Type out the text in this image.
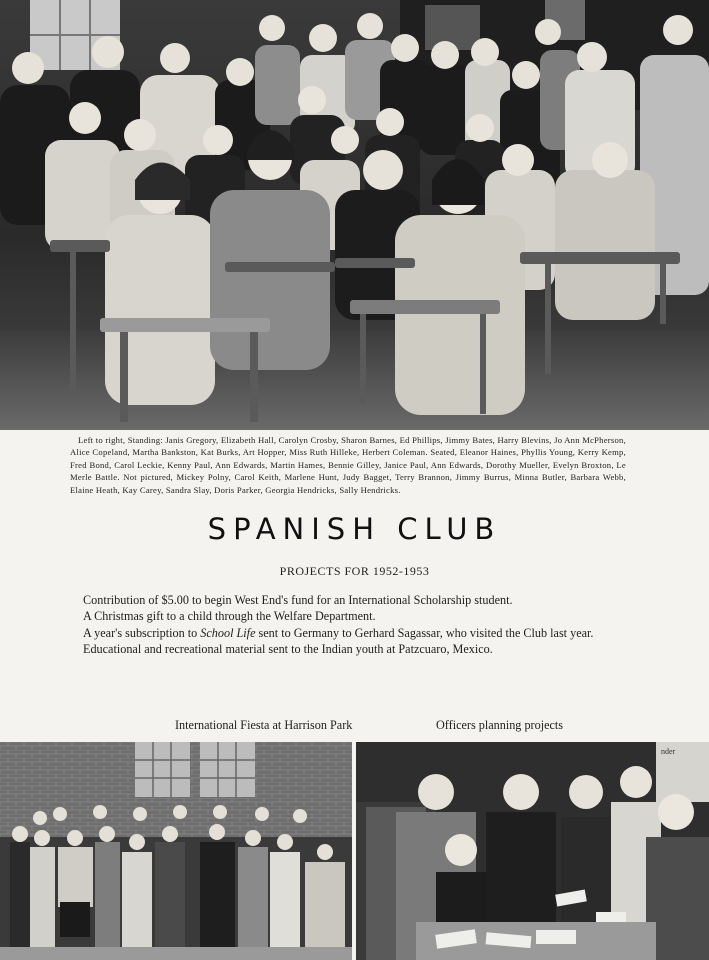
Left to right, Standing: Janis Gregory, Elizabeth Hall, Carolyn Crosby, Sharon Barnes, Ed Phillips, Jimmy Bates, Harry Blevins, Jo Ann McPherson, Alice Copeland, Martha Bankston, Kat Burks, Art Hopper, Miss Ruth Hilleke, Herbert Coleman. Seated, Eleanor Haines, Phyllis Young, Kerry Kemp, Fred Bond, Carol Leckie, Kenny Paul, Ann Edwards, Martin Hames, Bennie Gilley, Janice Paul, Ann Edwards, Dorothy Mueller, Evelyn Broxton, Le Merle Battle. Not pictured, Mickey Polny, Carol Keith, Marlene Hunt, Judy Bagget, Terry Brannon, Jimmy Burrus, Minna Butler, Barbara Webb, Elaine Heath, Kay Carey, Sandra Slay, Doris Parker, Georgia Hendricks, Sally Hendricks.

SPANISH CLUB
PROJECTS FOR 1952-1953

Contribution of $5.00 to begin West End's fund for an International Scholarship student.

A Christmas gift to a child through the Welfare Department.

A year's subscription to School Life sent to Germany to Gerhard Sagassar, who visited the Club last year.

Educational and recreational material sent to the Indian youth at Patzcuaro, Mexico.

International Fiesta at Harrison Park	Officers planning projects
nder
